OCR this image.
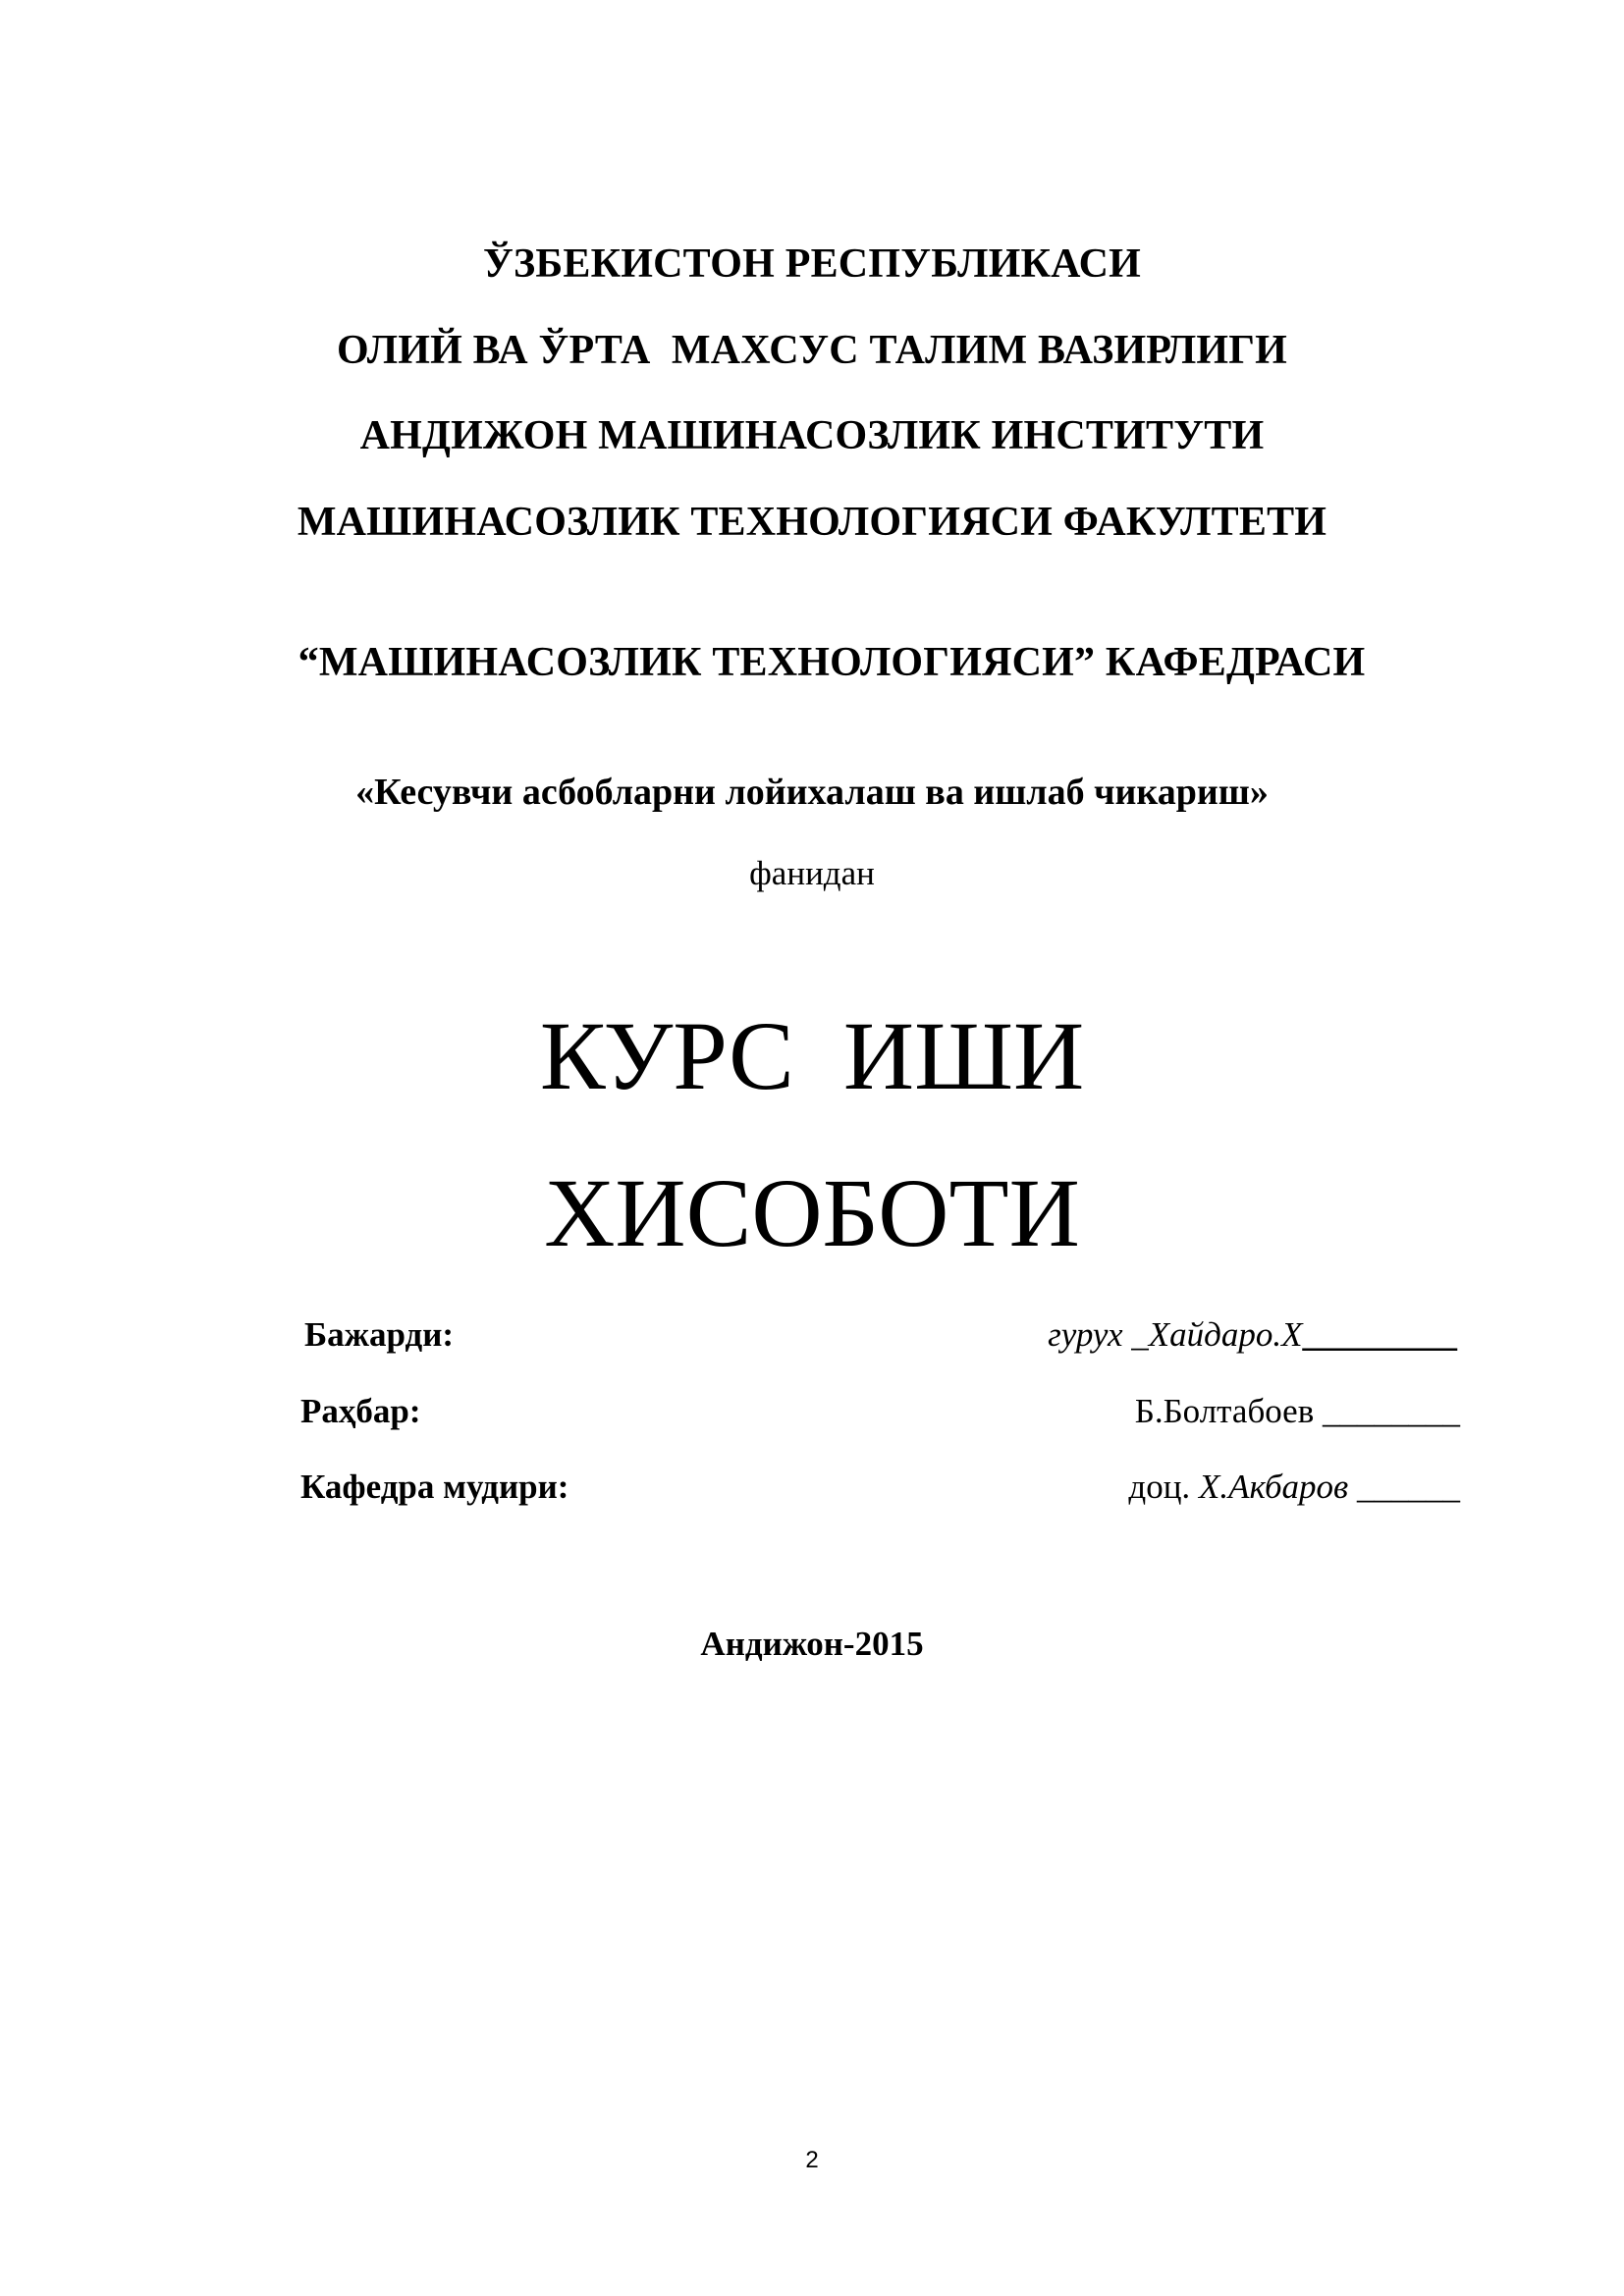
ЎЗБЕКИСТОН РЕСПУБЛИКАСИ
ОЛИЙ ВА ЎРТА  МАХСУС ТАЛИМ ВАЗИРЛИГИ
АНДИЖОН МАШИНАСОЗЛИК ИНСТИТУТИ
МАШИНАСОЗЛИК ТЕХНОЛОГИЯСИ ФАКУЛТЕТИ
“МАШИНАСОЗЛИК ТЕХНОЛОГИЯСИ” КАФЕДРАСИ
«Кесувчи асбобларни лойихалаш ва ишлаб чикариш»
фанидан
КУРС  ИШИ
ХИСОБОТИ
Бажарди:	гурух _Хайдаро.Х_________
Раҳбар:	Б.Болтабоев ________
Кафедра мудири:	доц. Х.Акбаров ______
Андижон-2015
2
